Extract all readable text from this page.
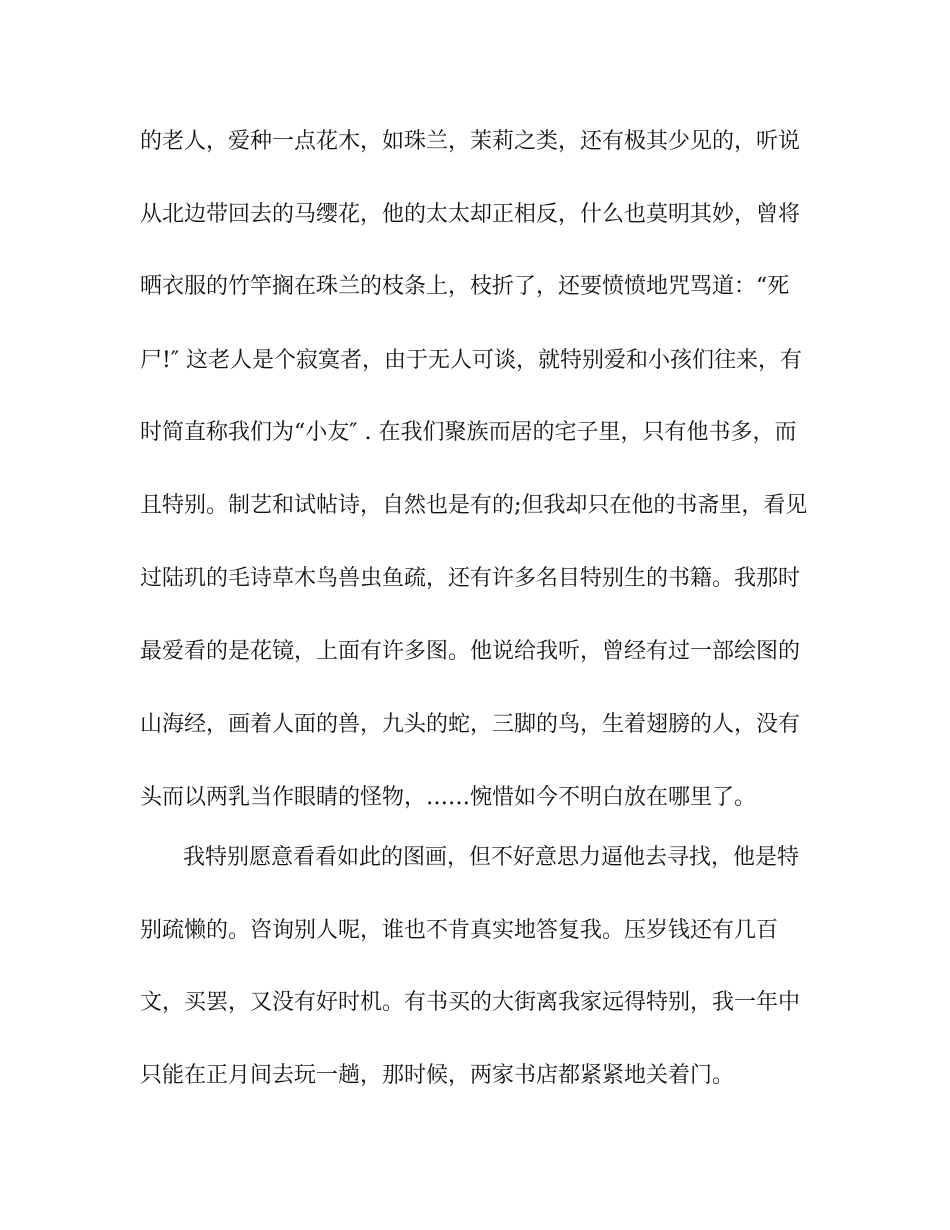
的老人，爱种一点花木，如珠兰，茉莉之类，还有极其少见的，听说
从北边带回去的马缨花，他的太太却正相反，什么也莫明其妙，曾将
晒衣服的竹竿搁在珠兰的枝条上，枝折了，还要愤愤地咒骂道：“死
尸!″ 这老人是个寂寞者，由于无人可谈，就特别爱和小孩们往来，有
时简直称我们为“小友″ . 在我们聚族而居的宅子里，只有他书多，而
且特别。制艺和试帖诗，自然也是有的;但我却只在他的书斋里，看见
过陆玑的毛诗草木鸟兽虫鱼疏，还有许多名目特别生的书籍。我那时
最爱看的是花镜，上面有许多图。他说给我听，曾经有过一部绘图的
山海经，画着人面的兽，九头的蛇，三脚的鸟，生着翅膀的人，没有
头而以两乳当作眼睛的怪物，……惋惜如今不明白放在哪里了。
我特别愿意看看如此的图画，但不好意思力逼他去寻找，他是特
别疏懒的。咨询别人呢，谁也不肯真实地答复我。压岁钱还有几百
文，买罢，又没有好时机。有书买的大街离我家远得特别，我一年中
只能在正月间去玩一趟，那时候，两家书店都紧紧地关着门。
